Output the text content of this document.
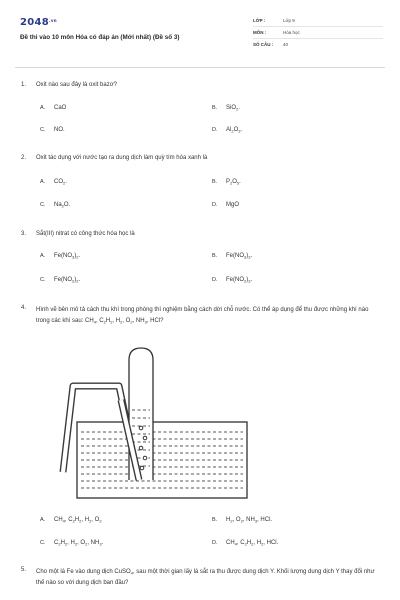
$2048^{.vn}$
Đề thi vào 10 môn Hóa có đáp án (Mới nhất) (Đề số 3)
LỚP :	Lớp 9
MÔN :	Hóa học
SỐ CÂU :	40
1. Oxit nào sau đây là oxit bazơ?
A. CaO	B. SiO$_2$.
C. NO.	D. $Al_2O_3$.
2. Oxit tác dụng với nước tạo ra dung dịch làm quỳ tím hóa xanh là
A. $CO_2$.	B. $P_2O_5$.
C. $Na_2O$.	D. MgO
3. Sắt(III) nitrat có công thức hóa học là
A. $Fe(NO_3)_2$.	B. $Fe(NO_3)_3$.
C. $Fe(NO_2)_2$.	D. $Fe(NO_2)_3$.
4. Hình vẽ bên mô tả cách thu khí trong phòng thí nghiệm bằng cách dời chỗ nước. Có thể áp dụng để thu được những khí nào trong các khí sau: $CH_4$, $C_2H_2$, $H_2$, $O_2$, $NH_3$, HCl?
A. $CH_4$, $C_2H_2$, $H_2$, $O_2$	B. $H_2$, $O_2$, $NH_3$, HCl.
C. $C_2H_2$, $H_2$, $O_2$, $NH_3$.	D. $CH_4$, $C_2H_2$, $H_2$, HCl.
5. Cho một lá Fe vào dung dịch CuSO$_4$, sau một thời gian lấy lá sắt ra thu được dung dịch Y. Khối lượng dung dịch Y thay đổi như thế nào so với dung dịch ban đầu?
